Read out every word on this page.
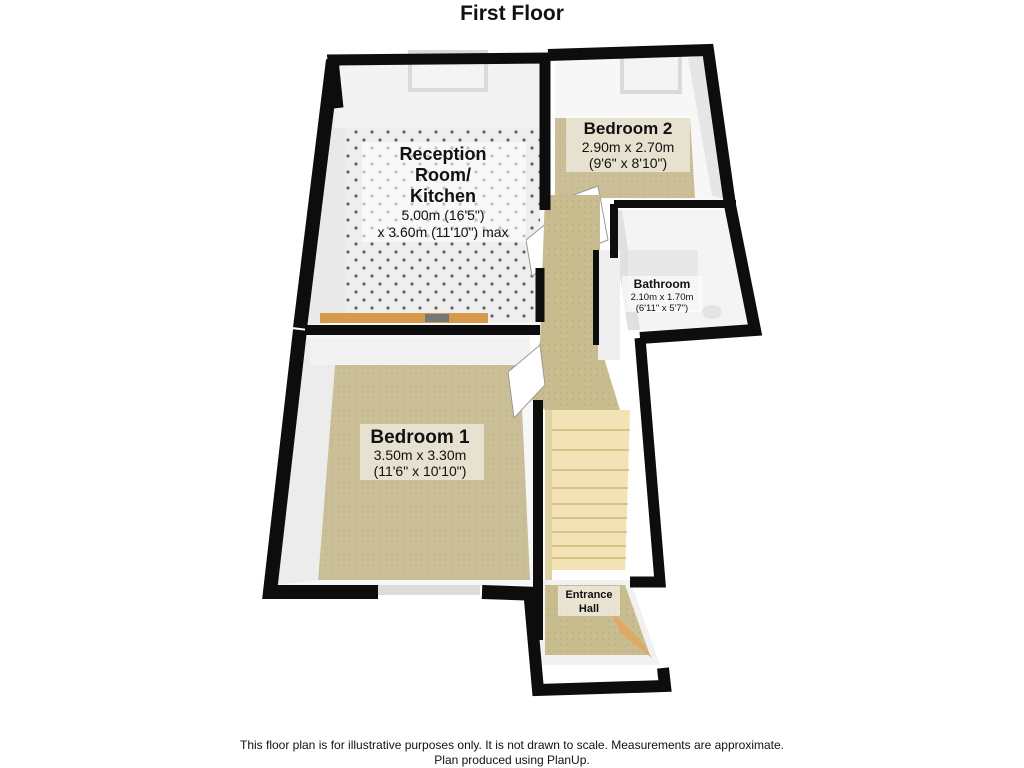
First Floor
Reception
Room/
Kitchen
5.00m (16'5")
x 3.60m (11'10") max
Bedroom 2
2.90m x 2.70m
(9'6" x 8'10")
Bathroom
2.10m x 1.70m
(6'11" x 5'7")
Bedroom 1
3.50m x 3.30m
(11'6" x 10'10")
Entrance
Hall
This floor plan is for illustrative purposes only. It is not drawn to scale. Measurements are approximate.
Plan produced using PlanUp.
